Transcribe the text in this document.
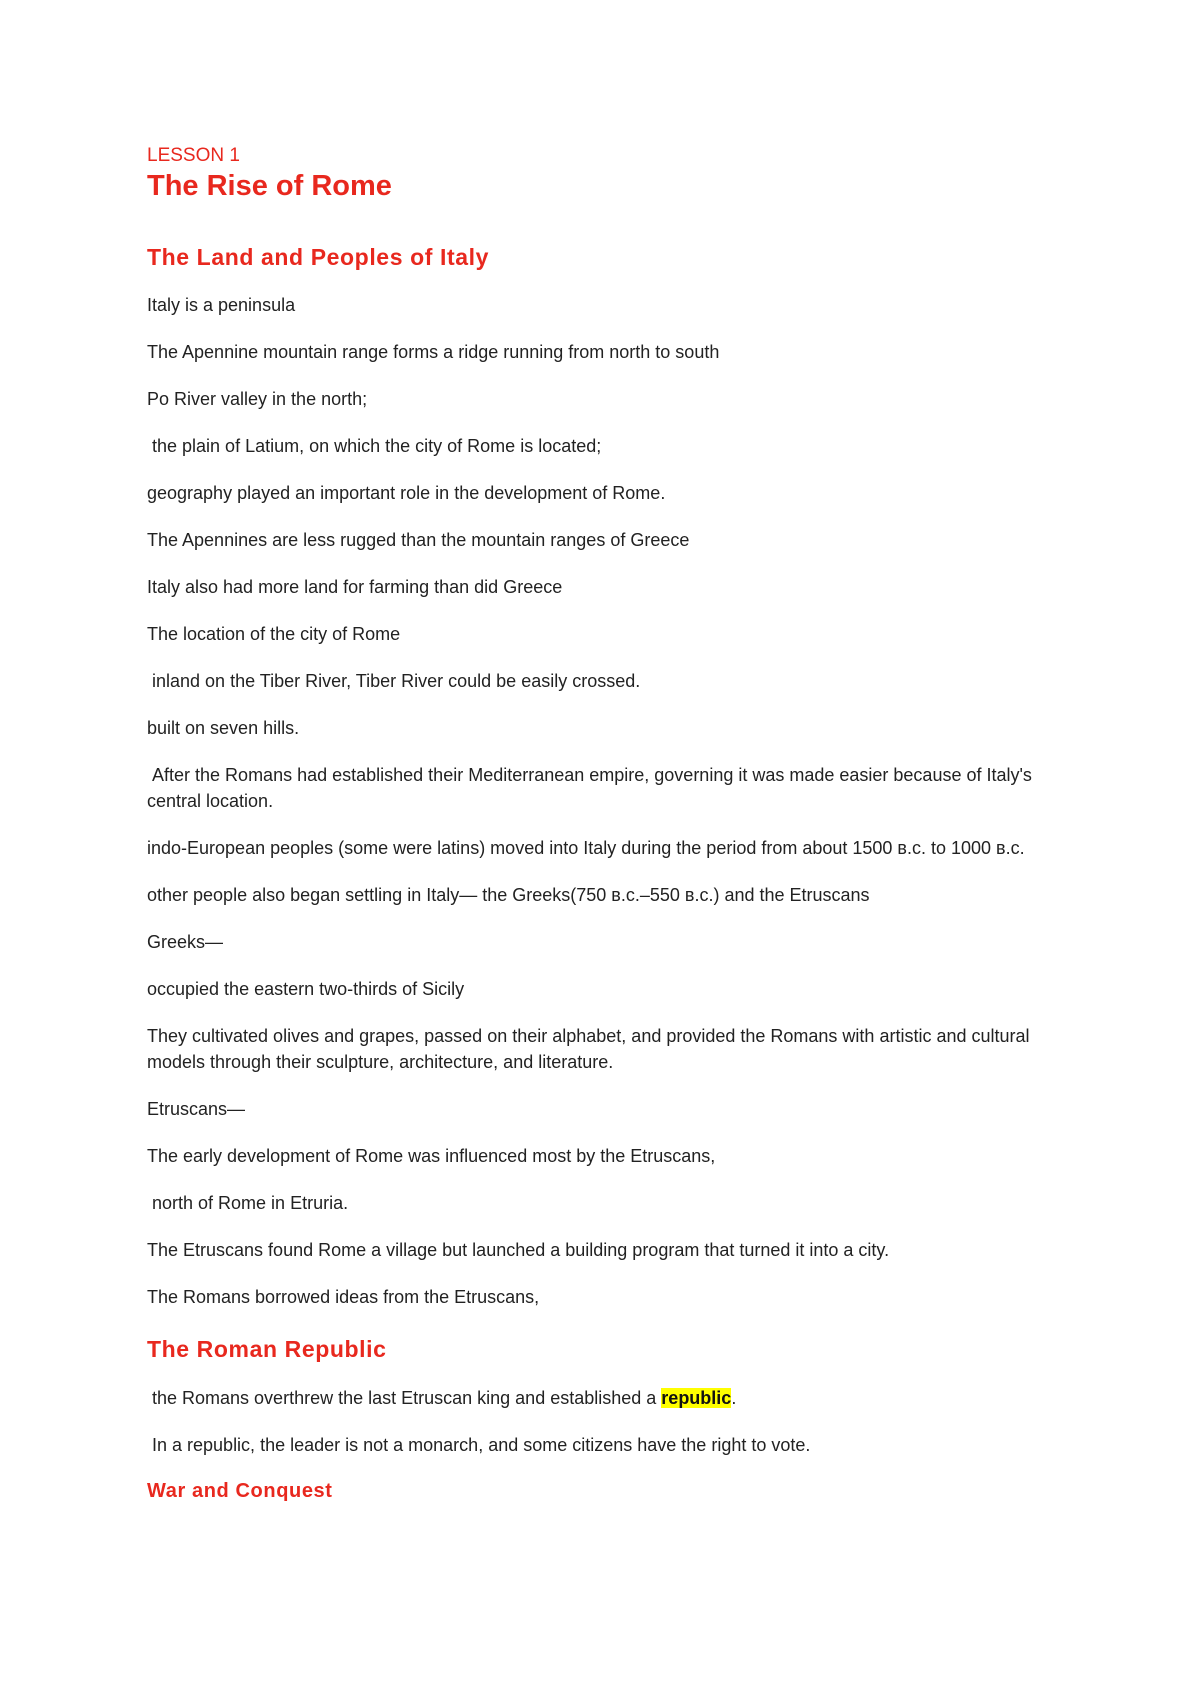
LESSON 1
The Rise of Rome
The Land and Peoples of Italy

Italy is a peninsula

The Apennine mountain range forms a ridge running from north to south

Po River valley in the north;

the plain of Latium, on which the city of Rome is located;

geography played an important role in the development of Rome.

The Apennines are less rugged than the mountain ranges of Greece

Italy also had more land for farming than did Greece

The location of the city of Rome

inland on the Tiber River, Tiber River could be easily crossed.

built on seven hills.

After the Romans had established their Mediterranean empire, governing it was made easier because of Italy's central location.

indo-European peoples (some were latins) moved into Italy during the period from about 1500 в.c. to 1000 в.c.

other people also began settling in Italy— the Greeks(750 в.c.–550 в.c.) and the Etruscans

Greeks—

occupied the eastern two-thirds of Sicily

They cultivated olives and grapes, passed on their alphabet, and provided the Romans with artistic and cultural models through their sculpture, architecture, and literature.

Etruscans—

The early development of Rome was influenced most by the Etruscans,

north of Rome in Etruria.

The Etruscans found Rome a village but launched a building program that turned it into a city.

The Romans borrowed ideas from the Etruscans,

The Roman Republic

the Romans overthrew the last Etruscan king and established a republic.

In a republic, the leader is not a monarch, and some citizens have the right to vote.

War and Conquest
